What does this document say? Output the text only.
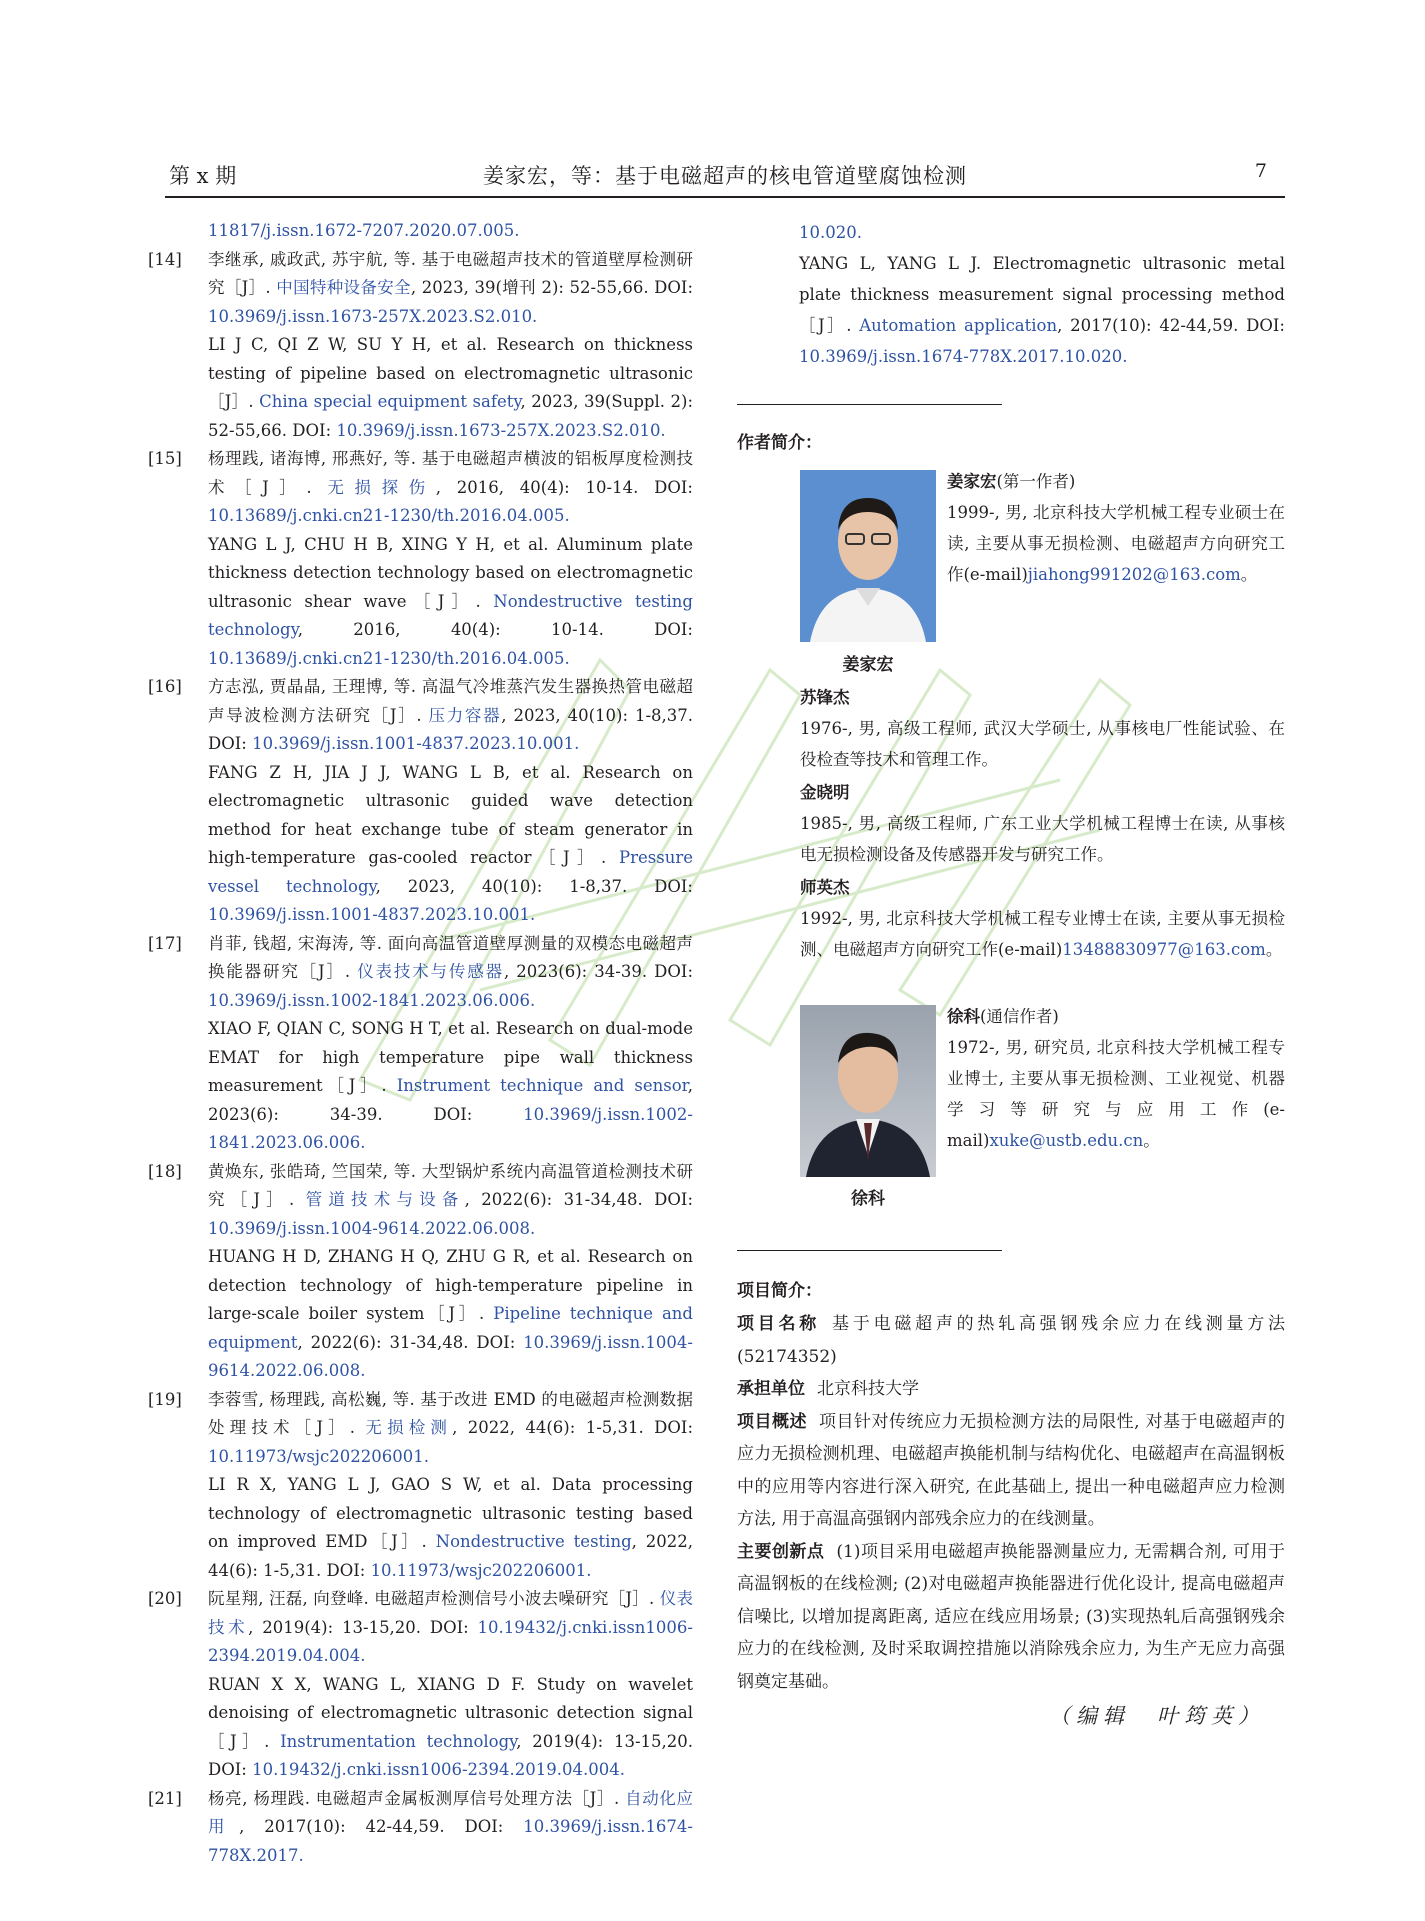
第 x 期	姜家宏，等：基于电磁超声的核电管道壁腐蚀检测	7

11817/j.issn.1672-7207.2020.07.005.

[14] 李继承, 戚政武, 苏宇航, 等. 基于电磁超声技术的管道壁厚检测研究［J］. 中国特种设备安全, 2023, 39(增刊 2): 52-55,66. DOI: 10.3969/j.issn.1673-257X.2023.S2.010.

LI J C, QI Z W, SU Y H, et al. Research on thickness testing of pipeline based on electromagnetic ultrasonic［J］. China special equipment safety, 2023, 39(Suppl. 2): 52-55,66. DOI: 10.3969/j.issn.1673-257X.2023.S2.010.

[15] 杨理践, 诸海博, 邢燕好, 等. 基于电磁超声横波的铝板厚度检测技术［J］. 无损探伤, 2016, 40(4): 10-14. DOI: 10.13689/j.cnki.cn21-1230/th.2016.04.005.

YANG L J, CHU H B, XING Y H, et al. Aluminum plate thickness detection technology based on electromagnetic ultrasonic shear wave［J］. Nondestructive testing technology, 2016, 40(4): 10-14. DOI: 10.13689/j.cnki.cn21-1230/th.2016.04.005.

[16] 方志泓, 贾晶晶, 王理博, 等. 高温气冷堆蒸汽发生器换热管电磁超声导波检测方法研究［J］. 压力容器, 2023, 40(10): 1-8,37. DOI: 10.3969/j.issn.1001-4837.2023.10.001.

FANG Z H, JIA J J, WANG L B, et al. Research on electromagnetic ultrasonic guided wave detection method for heat exchange tube of steam generator in high-temperature gas-cooled reactor［J］. Pressure vessel technology, 2023, 40(10): 1-8,37. DOI: 10.3969/j.issn.1001-4837.2023.10.001.

[17] 肖菲, 钱超, 宋海涛, 等. 面向高温管道壁厚测量的双模态电磁超声换能器研究［J］. 仪表技术与传感器, 2023(6): 34-39. DOI: 10.3969/j.issn.1002-1841.2023.06.006.

XIAO F, QIAN C, SONG H T, et al. Research on dual-mode EMAT for high temperature pipe wall thickness measurement［J］. Instrument technique and sensor, 2023(6): 34-39. DOI: 10.3969/j.issn.1002-1841.2023.06.006.

[18] 黄焕东, 张皓琦, 竺国荣, 等. 大型锅炉系统内高温管道检测技术研究［J］. 管道技术与设备, 2022(6): 31-34,48. DOI: 10.3969/j.issn.1004-9614.2022.06.008.

HUANG H D, ZHANG H Q, ZHU G R, et al. Research on detection technology of high-temperature pipeline in large-scale boiler system［J］. Pipeline technique and equipment, 2022(6): 31-34,48. DOI: 10.3969/j.issn.1004-9614.2022.06.008.

[19] 李蓉雪, 杨理践, 高松巍, 等. 基于改进 EMD 的电磁超声检测数据处理技术［J］. 无损检测, 2022, 44(6): 1-5,31. DOI: 10.11973/wsjc202206001.

LI R X, YANG L J, GAO S W, et al. Data processing technology of electromagnetic ultrasonic testing based on improved EMD［J］. Nondestructive testing, 2022, 44(6): 1-5,31. DOI: 10.11973/wsjc202206001.

[20] 阮星翔, 汪磊, 向登峰. 电磁超声检测信号小波去噪研究［J］. 仪表技术, 2019(4): 13-15,20. DOI: 10.19432/j.cnki.issn1006-2394.2019.04.004.

RUAN X X, WANG L, XIANG D F. Study on wavelet denoising of electromagnetic ultrasonic detection signal［J］. Instrumentation technology, 2019(4): 13-15,20. DOI: 10.19432/j.cnki.issn1006-2394.2019.04.004.

[21] 杨亮, 杨理践. 电磁超声金属板测厚信号处理方法［J］. 自动化应用, 2017(10): 42-44,59. DOI: 10.3969/j.issn.1674-778X.2017.

10.020.

YANG L, YANG L J. Electromagnetic ultrasonic metal plate thickness measurement signal processing method［J］. Automation application, 2017(10): 42-44,59. DOI: 10.3969/j.issn.1674-778X.2017.10.020.

作者简介：
姜家宏

姜家宏(第一作者)

1999-, 男, 北京科技大学机械工程专业硕士在读, 主要从事无损检测、电磁超声方向研究工作(e-mail)jiahong991202@163.com。

苏锋杰

1976-, 男, 高级工程师, 武汉大学硕士, 从事核电厂性能试验、在役检查等技术和管理工作。

金晓明

1985-, 男, 高级工程师, 广东工业大学机械工程博士在读, 从事核电无损检测设备及传感器开发与研究工作。

师英杰

1992-, 男, 北京科技大学机械工程专业博士在读, 主要从事无损检测、电磁超声方向研究工作(e-mail)13488830977@163.com。

徐科

徐科(通信作者)

1972-, 男, 研究员, 北京科技大学机械工程专业博士, 主要从事无损检测、工业视觉、机器学习等研究与应用工作(e-mail)xuke@ustb.edu.cn。

项目简介：

项目名称 基于电磁超声的热轧高强钢残余应力在线测量方法(52174352)

承担单位 北京科技大学

项目概述 项目针对传统应力无损检测方法的局限性, 对基于电磁超声的应力无损检测机理、电磁超声换能机制与结构优化、电磁超声在高温钢板中的应用等内容进行深入研究, 在此基础上, 提出一种电磁超声应力检测方法, 用于高温高强钢内部残余应力的在线测量。

主要创新点 (1)项目采用电磁超声换能器测量应力, 无需耦合剂, 可用于高温钢板的在线检测; (2)对电磁超声换能器进行优化设计, 提高电磁超声信噪比, 以增加提离距离, 适应在线应用场景; (3)实现热轧后高强钢残余应力的在线检测, 及时采取调控措施以消除残余应力, 为生产无应力高强钢奠定基础。

（编辑　叶筠英）
